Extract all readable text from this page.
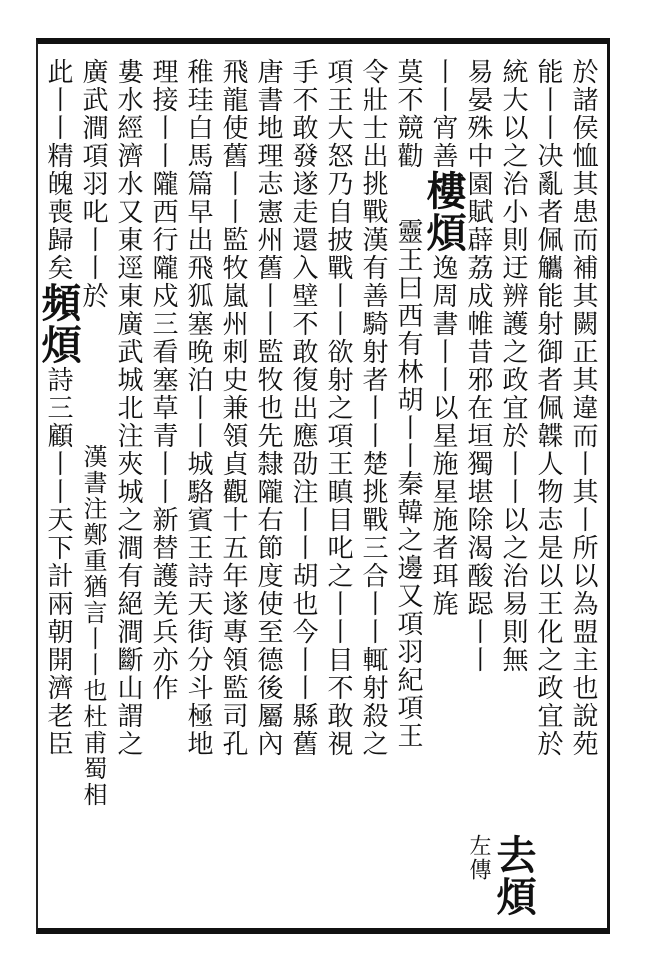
於諸侯恤其患而補其闕正其違而丨其丨所以為盟主也說苑
能丨丨决亂者佩觿能射御者佩韘人物志是以王化之政宜於
統大以之治小則迂辨護之政宜於丨丨以之治易則無
易晏殊中園賦薜荔成帷昔邪在垣獨堪除渴酸跽丨丨
丨丨宵善樓煩逸周書丨丨以星施星施者珥旄
莫不競勸　　靈王曰西有林胡丨丨秦韓之邊又項羽紀項王
令壯士出挑戰漢有善騎射者丨丨楚挑戰三合丨丨輒射殺之
項王大怒乃自披戰丨丨欲射之項王瞋目叱之丨丨目不敢視
手不敢發遂走還入壁不敢復出應劭注丨丨胡也今丨丨縣舊
唐書地理志憲州舊丨丨監牧也先隸隴右節度使至德後屬內
飛龍使舊丨丨監牧嵐州刺史兼領貞觀十五年遂專領監司孔
稚珪白馬篇早出飛狐塞晚泊丨丨城駱賓王詩天街分斗極地
理接丨丨隴西行隴戍三看塞草青丨丨新替護羌兵亦作
婁水經濟水又東逕東廣武城北注夾城之澗有絕澗斷山謂之
廣武澗項羽叱丨丨於
此丨丨精魄喪歸矣頻煩詩三顧丨丨天下計兩朝開濟老臣
去煩
左傳
漢書注鄭重猶言丨丨也杜甫蜀相
